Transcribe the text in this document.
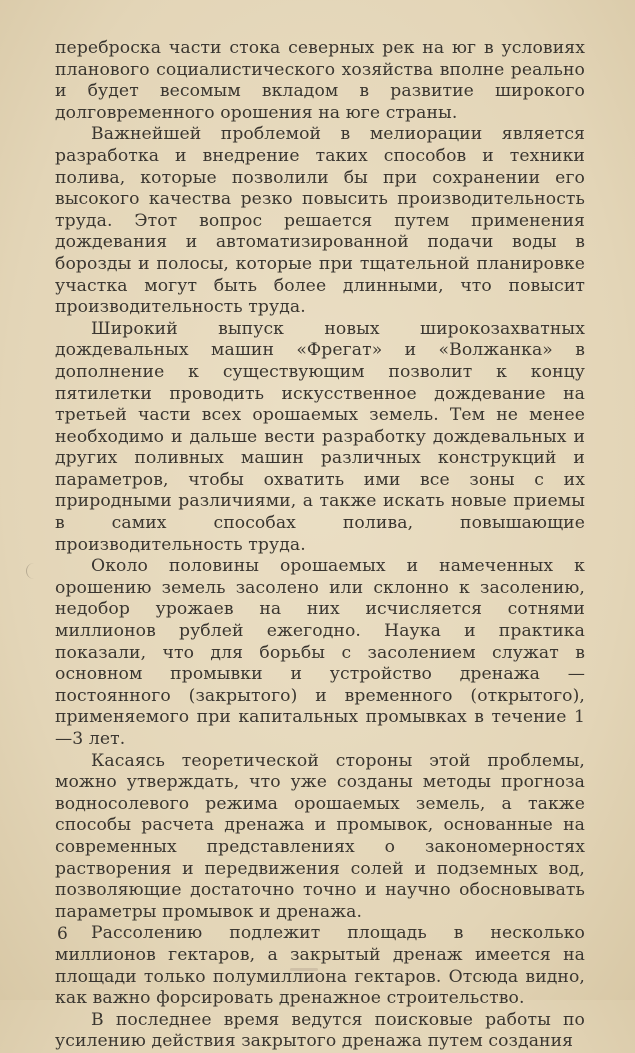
переброска части стока северных рек на юг в условиях планового социалистического хозяйства вполне реально и будет весомым вкладом в развитие широкого долговременного орошения на юге страны.

Важнейшей проблемой в мелиорации является разработка и внедрение таких способов и техники полива, которые позволили бы при сохранении его высокого качества резко повысить производительность труда. Этот вопрос решается путем применения дождевания и автоматизированной подачи воды в борозды и полосы, которые при тщательной планировке участка могут быть более длинными, что повысит производительность труда.

Широкий выпуск новых широкозахватных дождевальных машин «Фрегат» и «Волжанка» в дополнение к существующим позволит к концу пятилетки проводить искусственное дождевание на третьей части всех орошаемых земель. Тем не менее необходимо и дальше вести разработку дождевальных и других поливных машин различных конструкций и параметров, чтобы охватить ими все зоны с их природными различиями, а также искать новые приемы в самих способах полива, повышающие производительность труда.

Около половины орошаемых и намеченных к орошению земель засолено или склонно к засолению, недобор урожаев на них исчисляется сотнями миллионов рублей ежегодно. Наука и практика показали, что для борьбы с засолением служат в основном промывки и устройство дренажа — постоянного (закрытого) и временного (открытого), применяемого при капитальных промывках в течение 1—3 лет.

Касаясь теоретической стороны этой проблемы, можно утверждать, что уже созданы методы прогноза водносолевого режима орошаемых земель, а также способы расчета дренажа и промывок, основанные на современных представлениях о закономерностях растворения и передвижения солей и подземных вод, позволяющие достаточно точно и научно обосновывать параметры промывок и дренажа.

Рассолению подлежит площадь в несколько миллионов гектаров, а закрытый дренаж имеется на площади только полумиллиона гектаров. Отсюда видно, как важно форсировать дренажное строительство.

В последнее время ведутся поисковые работы по усилению действия закрытого дренажа путем создания

6
